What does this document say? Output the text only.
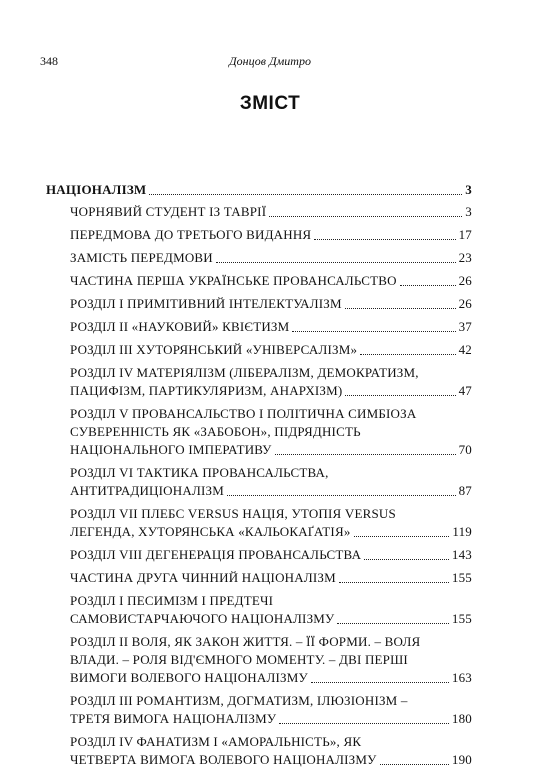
348	Донцов Дмитро
ЗМІСТ
НАЦІОНАЛІЗМ	3
ЧОРНЯВИЙ СТУДЕНТ ІЗ ТАВРІЇ	3
ПЕРЕДМОВА ДО ТРЕТЬОГО ВИДАННЯ	17
ЗАМІСТЬ ПЕРЕДМОВИ	23
ЧАСТИНА ПЕРША УКРАЇНСЬКЕ ПРОВАНСАЛЬСТВО	26
РОЗДІЛ І ПРИМІТИВНИЙ ІНТЕЛЕКТУАЛІЗМ	26
РОЗДІЛ ІІ «НАУКОВИЙ» КВІЄТИЗМ	37
РОЗДІЛ ІІІ ХУТОРЯНСЬКИЙ «УНІВЕРСАЛІЗМ»	42
РОЗДІЛ IV МАТЕРІЯЛІЗМ (ЛІБЕРАЛІЗМ, ДЕМОКРАТИЗМ,
ПАЦИФІЗМ, ПАРТИКУЛЯРИЗМ, АНАРХІЗМ)	47
РОЗДІЛ V ПРОВАНСАЛЬСТВО І ПОЛІТИЧНА СИМБІОЗА
СУВЕРЕННІСТЬ ЯК «ЗАБОБОН», ПІДРЯДНІСТЬ
НАЦІОНАЛЬНОГО ІМПЕРАТИВУ	70
РОЗДІЛ VI ТАКТИКА ПРОВАНСАЛЬСТВА,
АНТИТРАДИЦІОНАЛІЗМ	87
РОЗДІЛ VII ПЛЕБС VERSUS НАЦІЯ, УТОПІЯ VERSUS
ЛЕГЕНДА, ХУТОРЯНСЬКА «КАЛЬОКАҐАТІЯ»	119
РОЗДІЛ VIII ДЕГЕНЕРАЦІЯ ПРОВАНСАЛЬСТВА	143
ЧАСТИНА ДРУГА ЧИННИЙ НАЦІОНАЛІЗМ	155
РОЗДІЛ І ПЕСИМІЗМ І ПРЕДТЕЧІ
САМОВИСТАРЧАЮЧОГО НАЦІОНАЛІЗМУ	155
РОЗДІЛ ІІ ВОЛЯ, ЯК ЗАКОН ЖИТТЯ. – ЇЇ ФОРМИ. – ВОЛЯ
ВЛАДИ. – РОЛЯ ВІД'ЄМНОГО МОМЕНТУ. – ДВІ ПЕРШІ
ВИМОГИ ВОЛЕВОГО НАЦІОНАЛІЗМУ	163
РОЗДІЛ ІІІ РОМАНТИЗМ, ДОГМАТИЗМ, ІЛЮЗІОНІЗМ –
ТРЕТЯ ВИМОГА НАЦІОНАЛІЗМУ	180
РОЗДІЛ IV ФАНАТИЗМ І «АМОРАЛЬНІСТЬ», ЯК
ЧЕТВЕРТА ВИМОГА ВОЛЕВОГО НАЦІОНАЛІЗМУ	190
